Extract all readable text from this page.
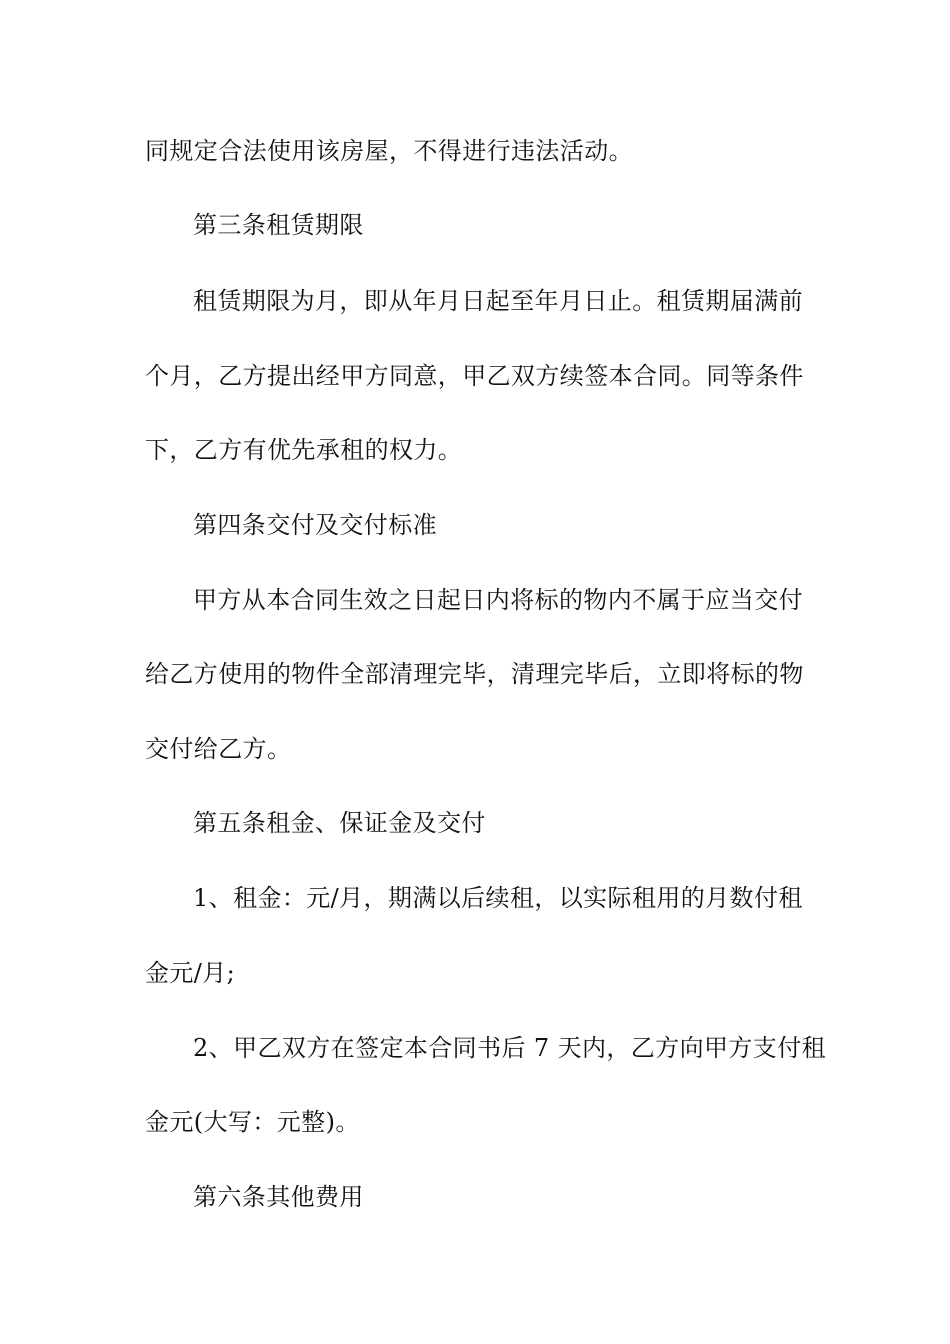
同规定合法使用该房屋，不得进行违法活动。
第三条租赁期限
租赁期限为月，即从年月日起至年月日止。租赁期届满前
个月，乙方提出经甲方同意，甲乙双方续签本合同。同等条件
下，乙方有优先承租的权力。
第四条交付及交付标准
甲方从本合同生效之日起日内将标的物内不属于应当交付
给乙方使用的物件全部清理完毕，清理完毕后，立即将标的物
交付给乙方。
第五条租金、保证金及交付
1、租金：元/月，期满以后续租，以实际租用的月数付租
金元/月;
2、甲乙双方在签定本合同书后 7 天内，乙方向甲方支付租
金元(大写：元整)。
第六条其他费用
